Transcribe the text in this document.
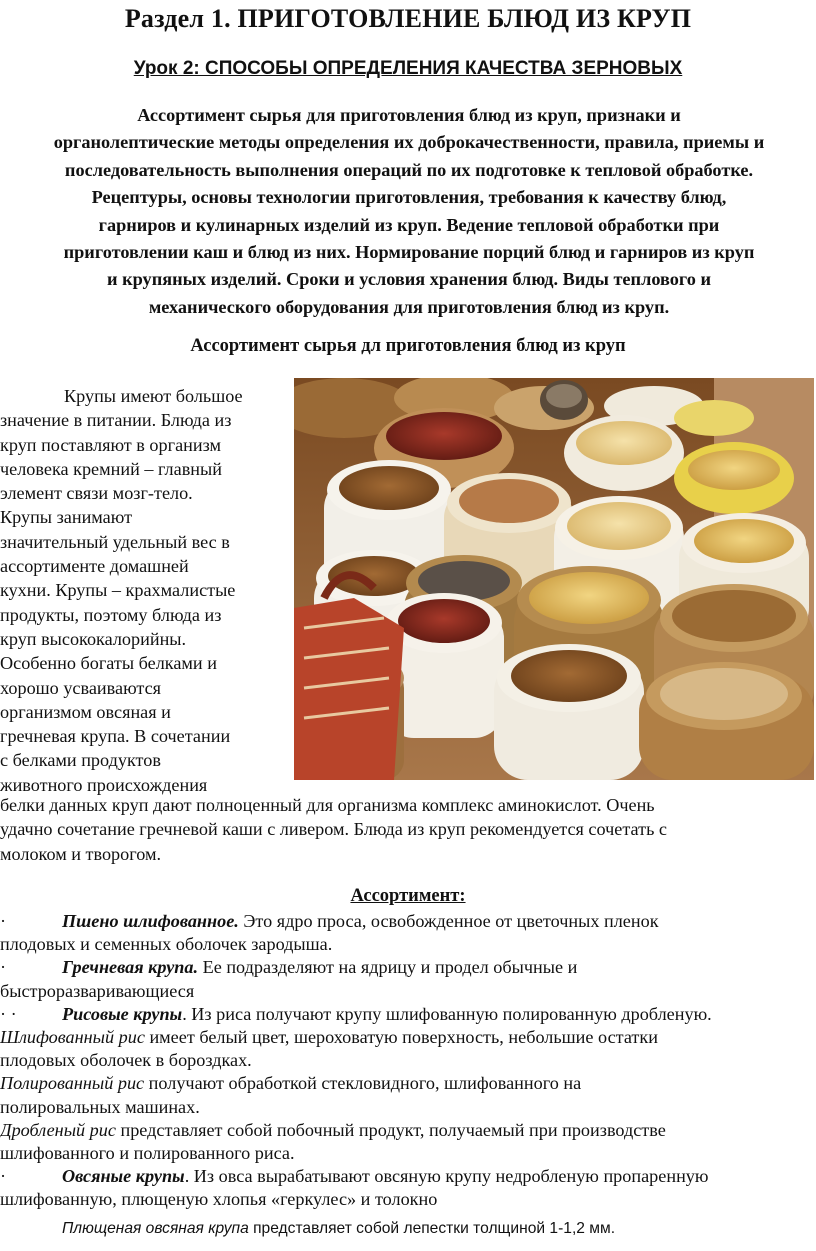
Раздел 1. ПРИГОТОВЛЕНИЕ БЛЮД ИЗ КРУП
Урок 2: СПОСОБЫ ОПРЕДЕЛЕНИЯ КАЧЕСТВА ЗЕРНОВЫХ
Ассортимент сырья для приготовления блюд из круп, признаки и
органолептические методы определения их доброкачественности, правила, приемы и
последовательность выполнения операций по их подготовке к тепловой обработке.
Рецептуры, основы технологии приготовления, требования к качеству блюд,
гарниров и кулинарных изделий из круп. Ведение тепловой обработки при
приготовлении каш и блюд из них. Нормирование порций блюд и гарниров из круп
и крупяных изделий. Сроки и условия хранения блюд. Виды теплового и
механического оборудования для приготовления блюд из круп.
Ассортимент сырья дл приготовления блюд из круп
Крупы имеют большое
значение в питании. Блюда из
круп поставляют в организм
человека кремний – главный
элемент связи мозг-тело.
Крупы занимают
значительный удельный вес в
ассортименте домашней
кухни. Крупы – крахмалистые
продукты, поэтому блюда из
круп высококалорийны.
Особенно богаты белками и
хорошо усваиваются
организмом овсяная и
гречневая крупа. В сочетании
с белками продуктов
животного происхождения
белки данных круп дают полноценный для организма комплекс аминокислот. Очень
удачно сочетание гречневой каши с ливером. Блюда из круп рекомендуется сочетать с
молоком и творогом.
Ассортимент:
·	Пшено шлифованное. Это ядро проса, освобожденное от цветочных пленок
плодовых и семенных оболочек зародыша.
·	Гречневая крупа. Ее подразделяют на ядрицу и продел обычные и
быстроразваривающиеся
· · Рисовые крупы. Из риса получают крупу шлифованную полированную дробленую.
Шлифованный рис имеет белый цвет, шероховатую поверхность, небольшие остатки
плодовых оболочек в бороздках.
Полированный рис получают обработкой стекловидного, шлифованного на
полировальных машинах.
Дробленый рис представляет собой побочный продукт, получаемый при производстве
шлифованного и полированного риса.
·	Овсяные крупы. Из овса вырабатывают овсяную крупу недробленую пропаренную
шлифованную, плющеную хлопья «геркулес» и толокно
Плющеная овсяная крупа представляет собой лепестки толщиной 1-1,2 мм.
